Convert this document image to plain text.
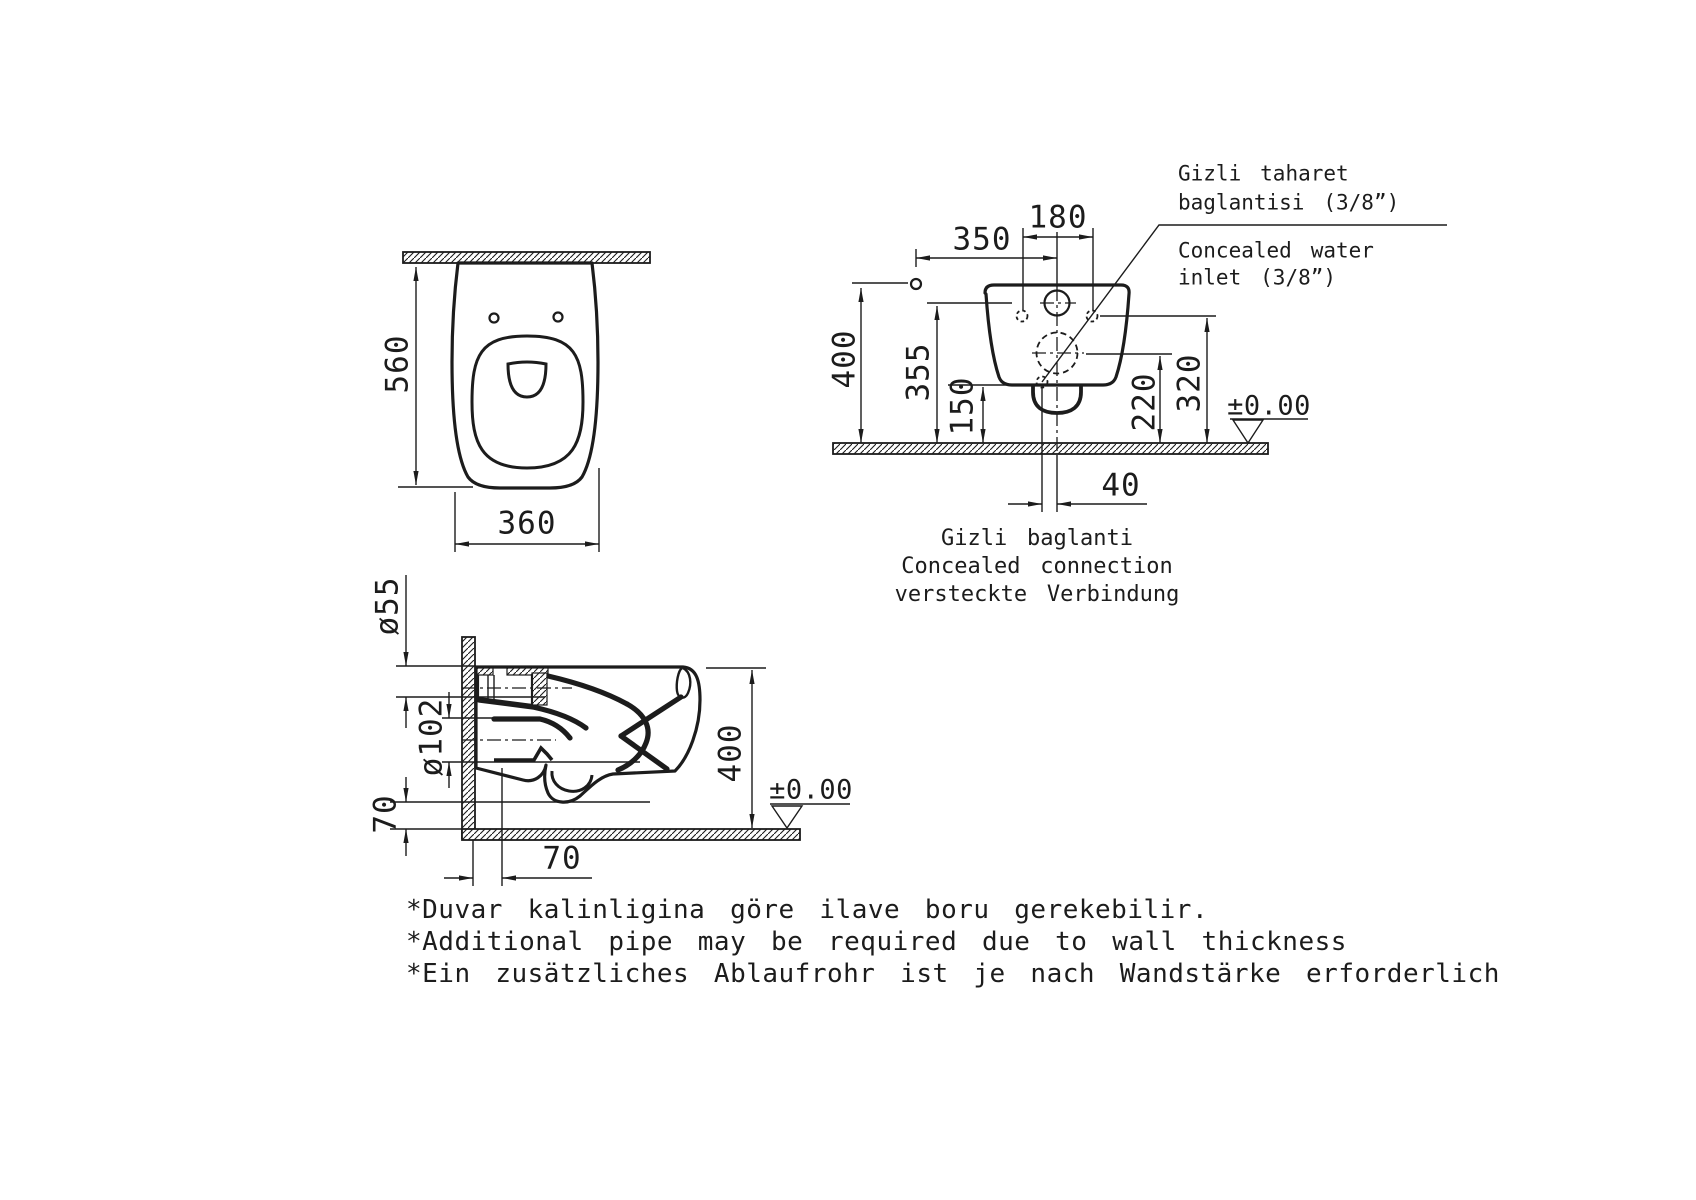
560
360
350
180
400 355
150	220 320
40
±0.00
Gizli taharet
baglantisi (3/8”)
Concealed water
inlet (3/8”)
Gizli baglanti
Concealed connection
versteckte Verbindung
ø55
ø102
70
70
400
±0.00
*Duvar kalinligina göre ilave boru gerekebilir.
*Additional pipe may be required due to wall thickness
*Ein zusätzliches Ablaufrohr ist je nach Wandstärke erforderlich
